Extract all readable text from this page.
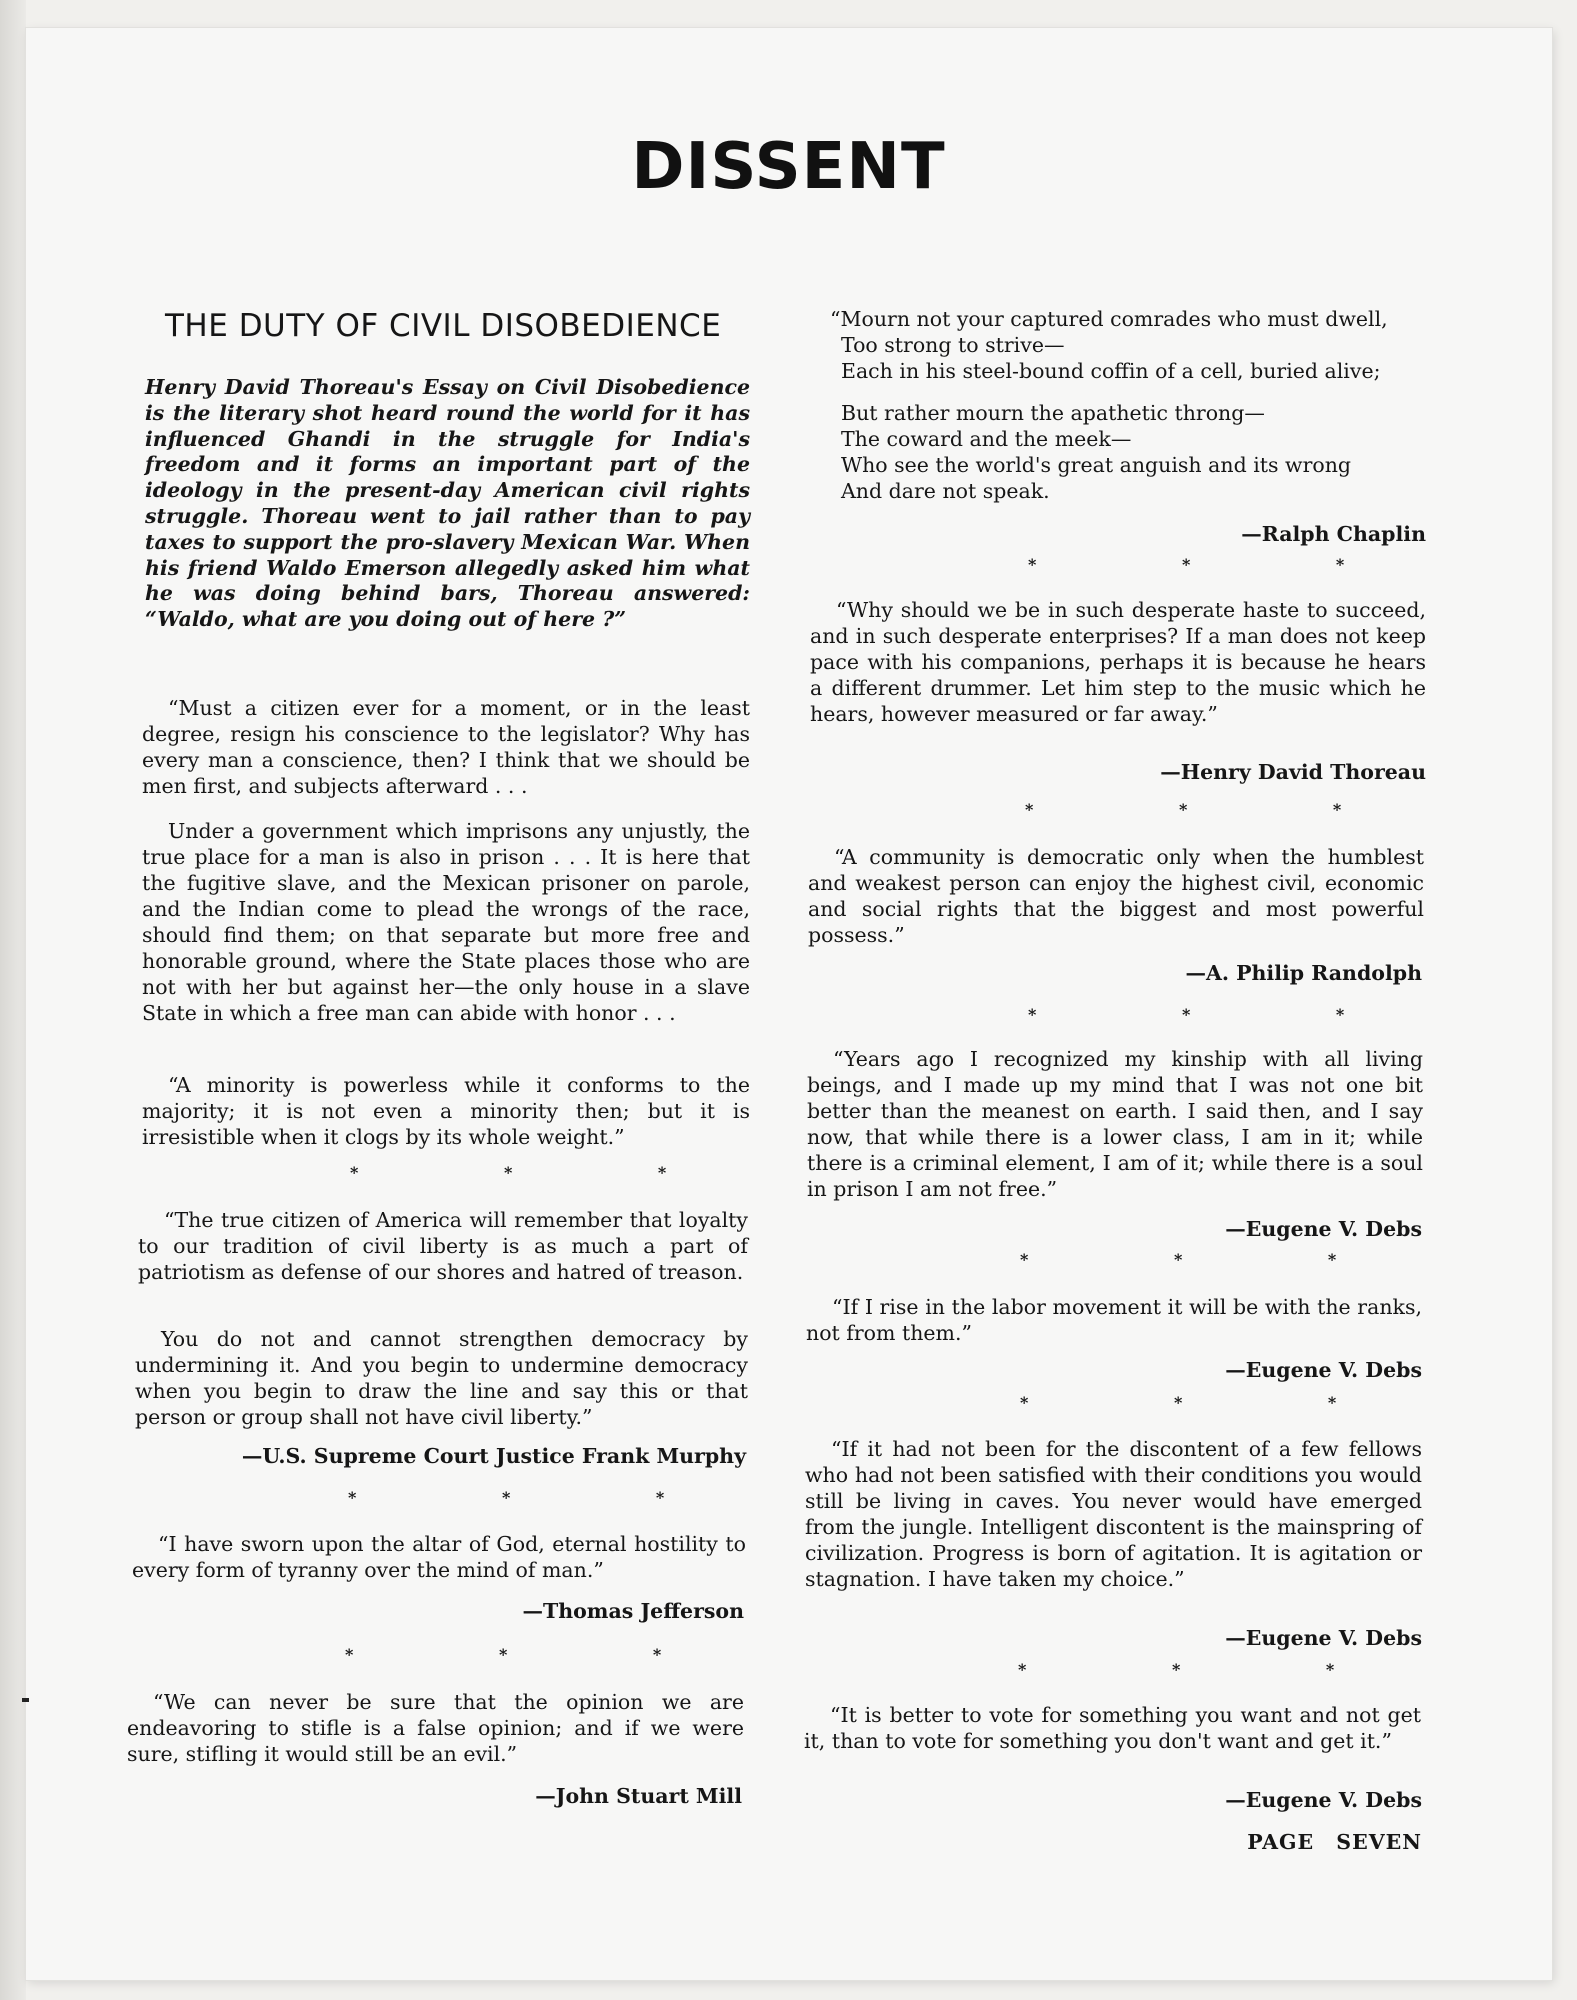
DISSENT
THE DUTY OF CIVIL DISOBEDIENCE
Henry David Thoreau's Essay on Civil Disobedience is the literary shot heard round the world for it has influenced Ghandi in the struggle for India's freedom and it forms an important part of the ideology in the present-day American civil rights struggle. Thoreau went to jail rather than to pay taxes to support the pro-slavery Mexican War. When his friend Waldo Emerson allegedly asked him what he was doing behind bars, Thoreau answered: “Waldo, what are you doing out of here ?”

“Must a citizen ever for a moment, or in the least degree, resign his conscience to the legislator? Why has every man a conscience, then? I think that we should be men first, and subjects afterward . . .

Under a government which imprisons any unjustly, the true place for a man is also in prison . . . It is here that the fugitive slave, and the Mexican prisoner on parole, and the Indian come to plead the wrongs of the race, should find them; on that separate but more free and honorable ground, where the State places those who are not with her but against her—the only house in a slave State in which a free man can abide with honor . . .

“A minority is powerless while it conforms to the majority; it is not even a minority then; but it is irresistible when it clogs by its whole weight.”

* * *

“The true citizen of America will remember that loyalty to our tradition of civil liberty is as much a part of patriotism as defense of our shores and hatred of treason.

You do not and cannot strengthen democracy by undermining it. And you begin to undermine democracy when you begin to draw the line and say this or that person or group shall not have civil liberty.”

—U.S. Supreme Court Justice Frank Murphy
* * *

“I have sworn upon the altar of God, eternal hostility to every form of tyranny over the mind of man.”

—Thomas Jefferson
* * *

“We can never be sure that the opinion we are endeavoring to stifle is a false opinion; and if we were sure, stifling it would still be an evil.”

—John Stuart Mill
“Mourn not your captured comrades who must dwell,
Too strong to strive—
Each in his steel-bound coffin of a cell, buried alive;
But rather mourn the apathetic throng—
The coward and the meek—
Who see the world's great anguish and its wrong
And dare not speak.
—Ralph Chaplin
* * *

“Why should we be in such desperate haste to succeed, and in such desperate enterprises? If a man does not keep pace with his companions, perhaps it is because he hears a different drummer. Let him step to the music which he hears, however measured or far away.”

—Henry David Thoreau
* * *

“A community is democratic only when the humblest and weakest person can enjoy the highest civil, economic and social rights that the biggest and most powerful possess.”

—A. Philip Randolph
* * *

“Years ago I recognized my kinship with all living beings, and I made up my mind that I was not one bit better than the meanest on earth. I said then, and I say now, that while there is a lower class, I am in it; while there is a criminal element, I am of it; while there is a soul in prison I am not free.”

—Eugene V. Debs
* * *

“If I rise in the labor movement it will be with the ranks, not from them.”

—Eugene V. Debs
* * *

“If it had not been for the discontent of a few fellows who had not been satisfied with their conditions you would still be living in caves. You never would have emerged from the jungle. Intelligent discontent is the mainspring of civilization. Progress is born of agitation. It is agitation or stagnation. I have taken my choice.”

—Eugene V. Debs
* * *

“It is better to vote for something you want and not get it, than to vote for something you don't want and get it.”

—Eugene V. Debs
PAGE SEVEN
